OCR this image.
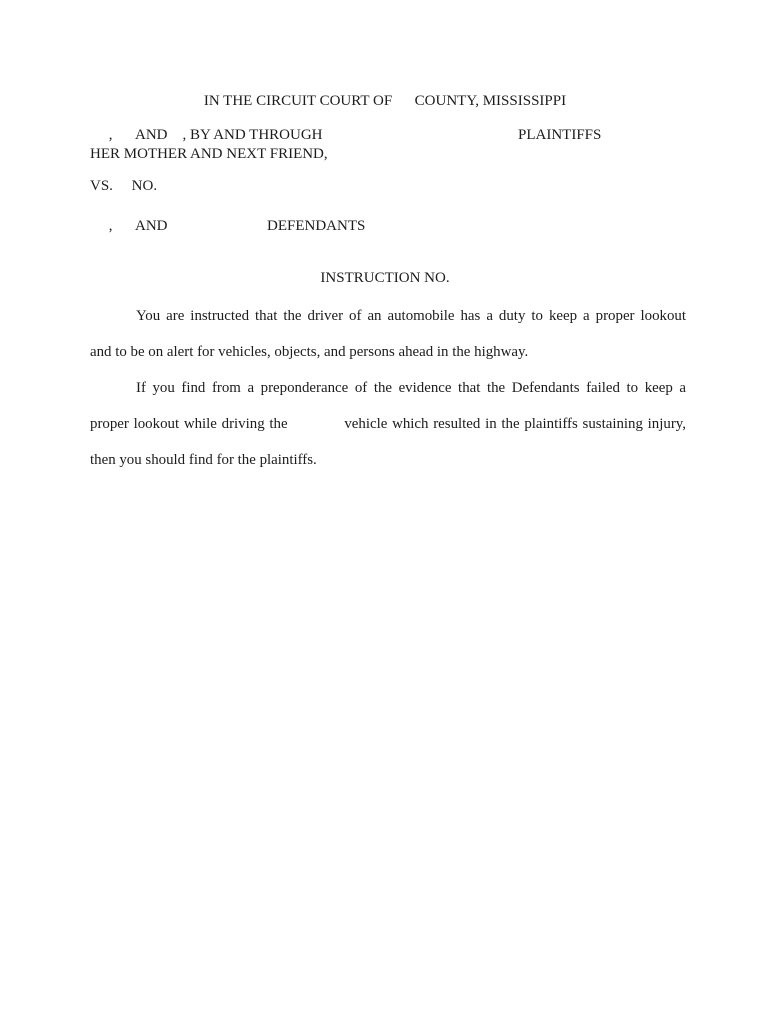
IN THE CIRCUIT COURT OF      COUNTY, MISSISSIPPI
,      AND    , BY AND THROUGH	PLAINTIFFS
HER MOTHER AND NEXT FRIEND,
VS.     NO.
,      AND	DEFENDANTS
INSTRUCTION NO.
You are instructed that the driver of an automobile has a duty to keep a proper lookout
and to be on alert for vehicles, objects, and persons ahead in the highway.
If you find from a preponderance of the evidence that the Defendants failed to keep a
proper lookout while driving the            vehicle which resulted in the plaintiffs sustaining injury,
then you should find for the plaintiffs.
